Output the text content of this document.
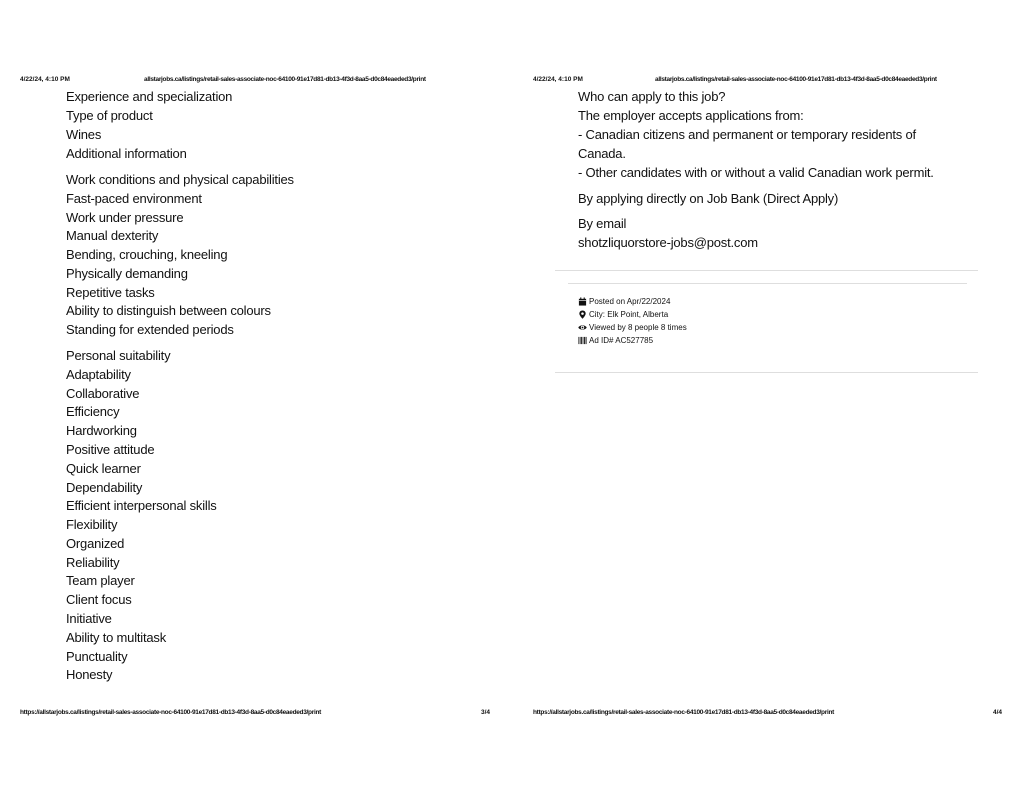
4/22/24, 4:10 PM	allstarjobs.ca/listings/retail-sales-associate-noc-64100-91e17d81-db13-4f3d-8aa5-d0c84eaeded3/print
Experience and specialization
Type of product
Wines
Additional information
Work conditions and physical capabilities
Fast-paced environment
Work under pressure
Manual dexterity
Bending, crouching, kneeling
Physically demanding
Repetitive tasks
Ability to distinguish between colours
Standing for extended periods
Personal suitability
Adaptability
Collaborative
Efficiency
Hardworking
Positive attitude
Quick learner
Dependability
Efficient interpersonal skills
Flexibility
Organized
Reliability
Team player
Client focus
Initiative
Ability to multitask
Punctuality
Honesty
https://allstarjobs.ca/listings/retail-sales-associate-noc-64100-91e17d81-db13-4f3d-8aa5-d0c84eaeded3/print	3/4
4/22/24, 4:10 PM	allstarjobs.ca/listings/retail-sales-associate-noc-64100-91e17d81-db13-4f3d-8aa5-d0c84eaeded3/print
Who can apply to this job?
The employer accepts applications from:
- Canadian citizens and permanent or temporary residents of
Canada.
- Other candidates with or without a valid Canadian work permit.
By applying directly on Job Bank (Direct Apply)
By email
shotzliquorstore-jobs@post.com
Posted on Apr/22/2024
City: Elk Point, Alberta
Viewed by 8 people 8 times
Ad ID# AC527785
https://allstarjobs.ca/listings/retail-sales-associate-noc-64100-91e17d81-db13-4f3d-8aa5-d0c84eaeded3/print	4/4
